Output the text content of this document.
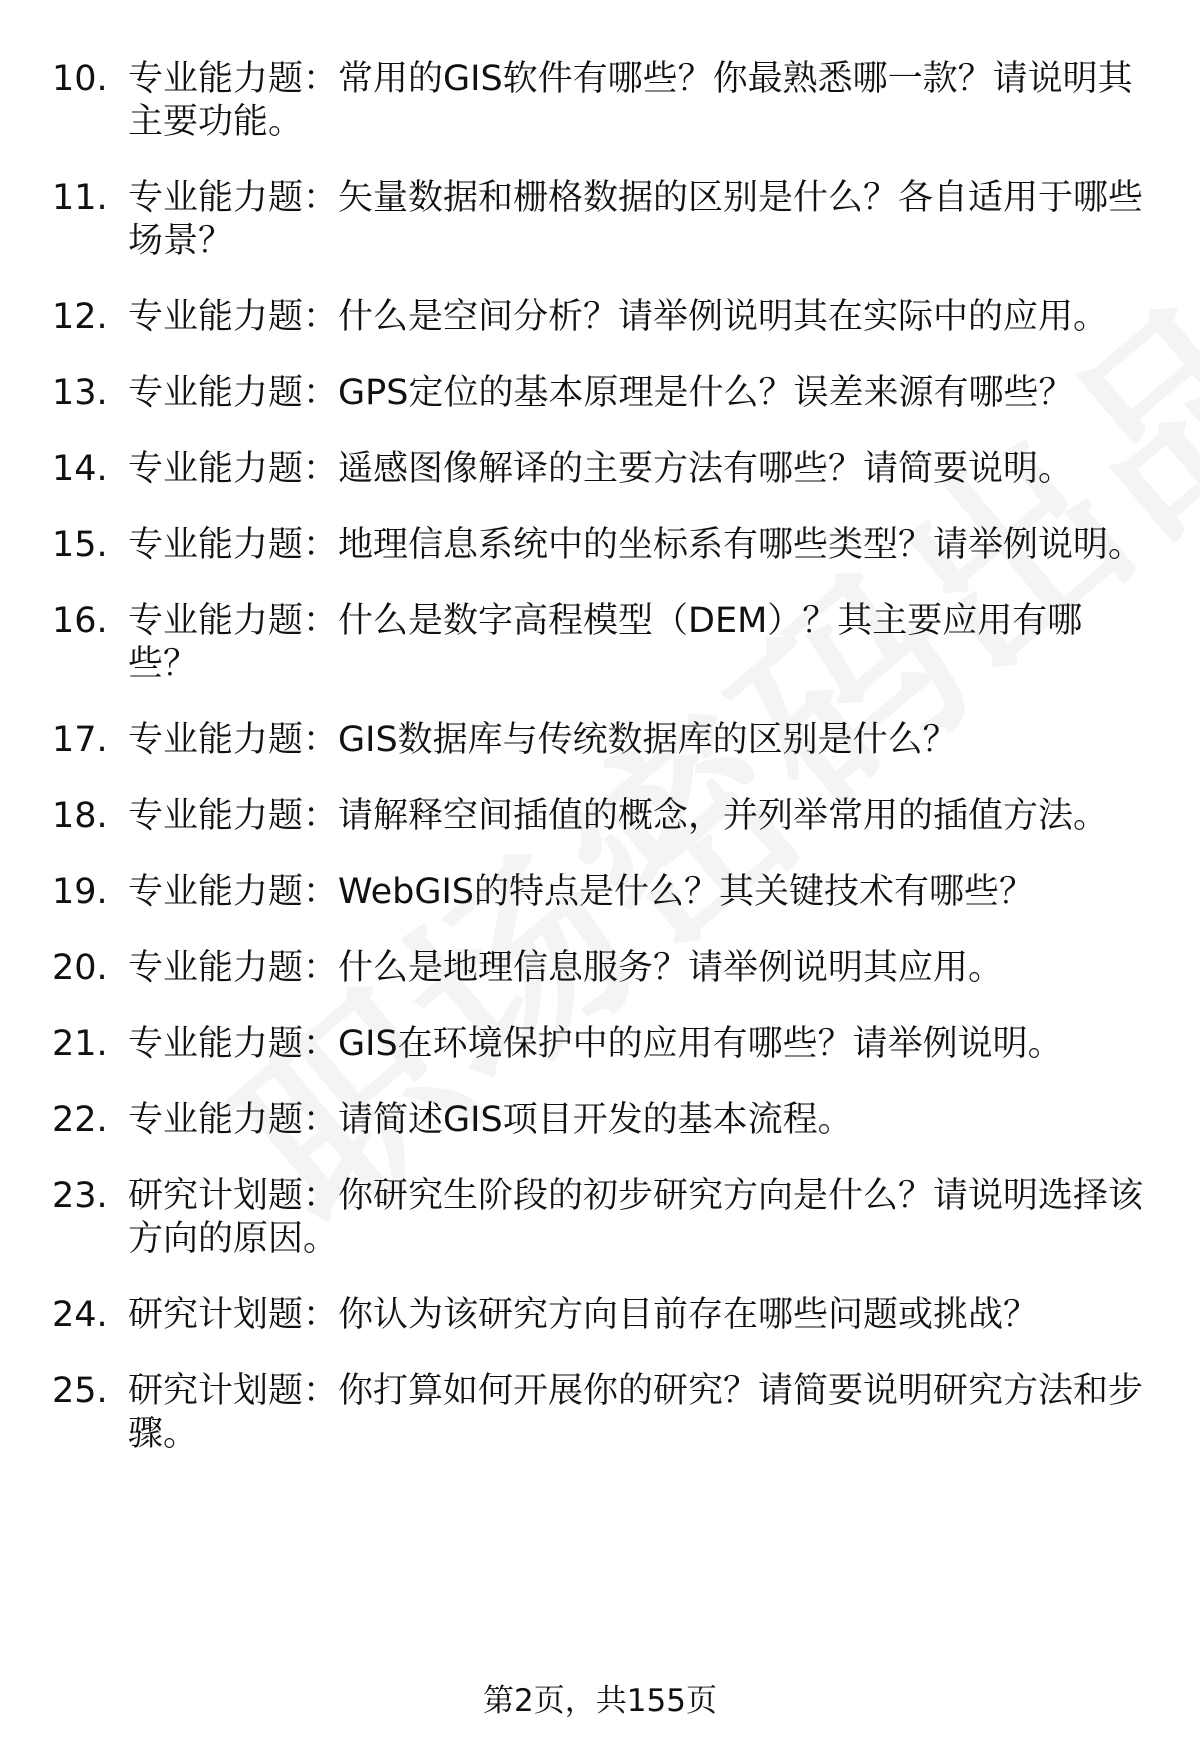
10. 专业能力题：常用的GIS软件有哪些？你最熟悉哪一款？请说明其主要功能。
11. 专业能力题：矢量数据和栅格数据的区别是什么？各自适用于哪些场景？
12. 专业能力题：什么是空间分析？请举例说明其在实际中的应用。
13. 专业能力题：GPS定位的基本原理是什么？误差来源有哪些？
14. 专业能力题：遥感图像解译的主要方法有哪些？请简要说明。
15. 专业能力题：地理信息系统中的坐标系有哪些类型？请举例说明。
16. 专业能力题：什么是数字高程模型（DEM）？其主要应用有哪些？
17. 专业能力题：GIS数据库与传统数据库的区别是什么？
18. 专业能力题：请解释空间插值的概念，并列举常用的插值方法。
19. 专业能力题：WebGIS的特点是什么？其关键技术有哪些？
20. 专业能力题：什么是地理信息服务？请举例说明其应用。
21. 专业能力题：GIS在环境保护中的应用有哪些？请举例说明。
22. 专业能力题：请简述GIS项目开发的基本流程。
23. 研究计划题：你研究生阶段的初步研究方向是什么？请说明选择该方向的原因。
24. 研究计划题：你认为该研究方向目前存在哪些问题或挑战？
25. 研究计划题：你打算如何开展你的研究？请简要说明研究方法和步骤。
第2页，共155页
